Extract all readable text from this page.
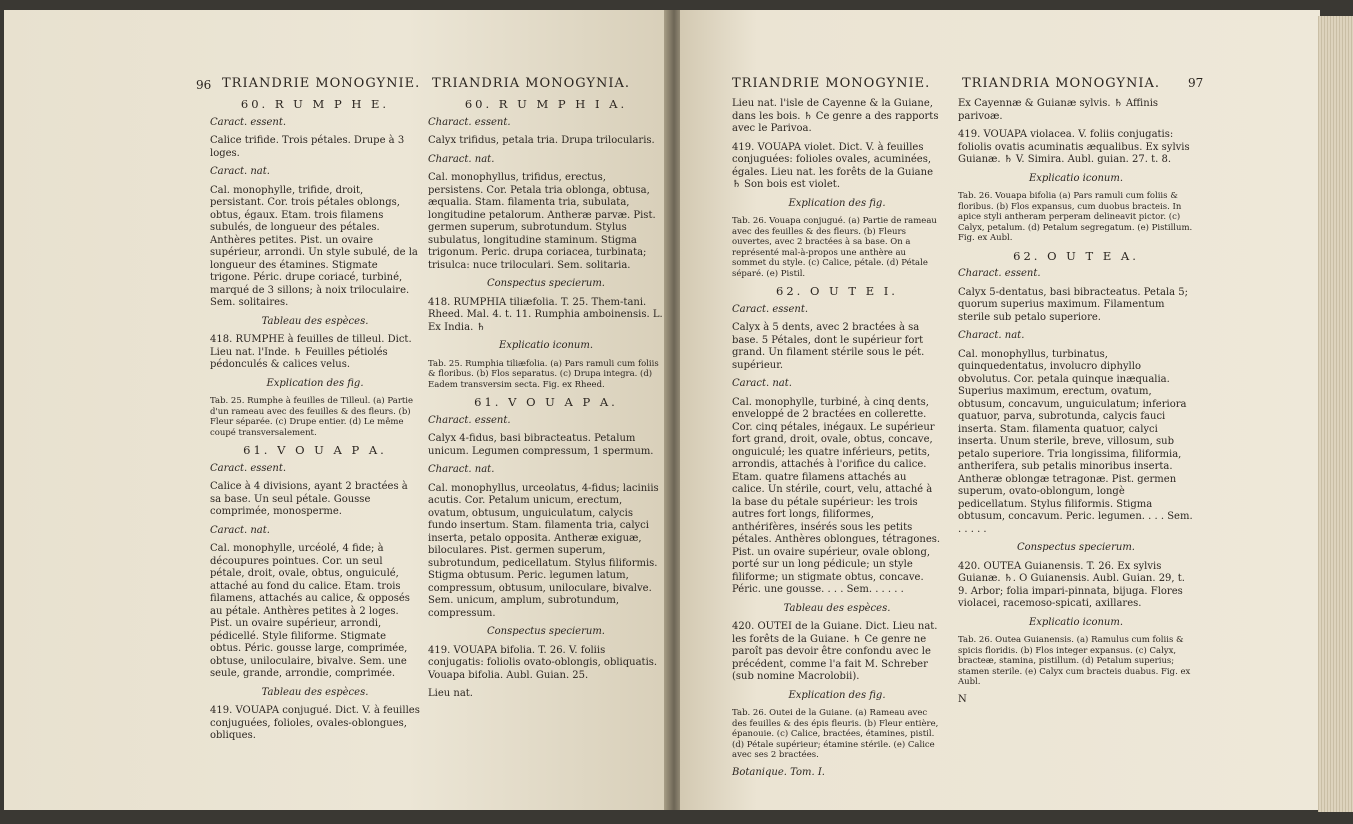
96 TRIANDRIE MONOGYNIE. TRIANDRIA MONOGYNIA.	TRIANDRIE MONOGYNIE. TRIANDRIA MONOGYNIA. 97

60. R U M P H E.

Caract. essent.

Calice trifide. Trois pétales. Drupe à 3 loges.

Caract. nat.

Cal. monophylle, trifide, droit, persistant. Cor. trois pétales oblongs, obtus, égaux. Etam. trois filamens subulés, de longueur des pétales. Anthères petites. Pist. un ovaire supérieur, arrondi. Un style subulé, de la longueur des étamines. Stigmate trigone. Péric. drupe coriacé, turbiné, marqué de 3 sillons; à noix triloculaire. Sem. solitaires.

Tableau des espèces.

418. RUMPHE à feuilles de tilleul. Dict. Lieu nat. l'Inde. ♄ Feuilles pétiolés pédonculés & calices velus.

Explication des fig.

Tab. 25. Rumphe à feuilles de Tilleul. (a) Partie d'un rameau avec des feuilles & des fleurs. (b) Fleur séparée. (c) Drupe entier. (d) Le même coupé transversalement.

61. V O U A P A.

Caract. essent.

Calice à 4 divisions, ayant 2 bractées à sa base. Un seul pétale. Gousse comprimée, monosperme.

Caract. nat.

Cal. monophylle, urcéolé, 4 fide; à découpures pointues. Cor. un seul pétale, droit, ovale, obtus, onguiculé, attaché au fond du calice. Etam. trois filamens, attachés au calice, & opposés au pétale. Anthères petites à 2 loges. Pist. un ovaire supérieur, arrondi, pédicellé. Style filiforme. Stigmate obtus. Péric. gousse large, comprimée, obtuse, uniloculaire, bivalve. Sem. une seule, grande, arrondie, comprimée.

Tableau des espèces.

419. VOUAPA conjugué. Dict. V. à feuilles conjuguées, folioles, ovales-oblongues, obliques.

60. R U M P H I A.

Charact. essent.

Calyx trifidus, petala tria. Drupa trilocularis.

Charact. nat.

Cal. monophyllus, trifidus, erectus, persistens. Cor. Petala tria oblonga, obtusa, æqualia. Stam. filamenta tria, subulata, longitudine petalorum. Antheræ parvæ. Pist. germen superum, subrotundum. Stylus subulatus, longitudine staminum. Stigma trigonum. Peric. drupa coriacea, turbinata; trisulca: nuce triloculari. Sem. solitaria.

Conspectus specierum.

418. RUMPHIA tiliæfolia. T. 25. Them-tani. Rheed. Mal. 4. t. 11. Rumphia amboinensis. L. Ex India. ♄

Explicatio iconum.

Tab. 25. Rumphia tiliæfolia. (a) Pars ramuli cum foliis & floribus. (b) Flos separatus. (c) Drupa integra. (d) Eadem transversim secta. Fig. ex Rheed.

61. V O U A P A.

Charact. essent.

Calyx 4-fidus, basi bibracteatus. Petalum unicum. Legumen compressum, 1 spermum.

Charact. nat.

Cal. monophyllus, urceolatus, 4-fidus; laciniis acutis. Cor. Petalum unicum, erectum, ovatum, obtusum, unguiculatum, calycis fundo insertum. Stam. filamenta tria, calyci inserta, petalo opposita. Antheræ exiguæ, biloculares. Pist. germen superum, subrotundum, pedicellatum. Stylus filiformis. Stigma obtusum. Peric. legumen latum, compressum, obtusum, uniloculare, bivalve. Sem. unicum, amplum, subrotundum, compressum.

Conspectus specierum.

419. VOUAPA bifolia. T. 26. V. foliis conjugatis: foliolis ovato-oblongis, obliquatis. Vouapa bifolia. Aubl. Guian. 25.

Lieu nat.

Lieu nat. l'isle de Cayenne & la Guiane, dans les bois. ♄ Ce genre a des rapports avec le Parivoa.

419. VOUAPA violet. Dict. V. à feuilles conjuguées: folioles ovales, acuminées, égales. Lieu nat. les forêts de la Guiane ♄ Son bois est violet.

Explication des fig.

Tab. 26. Vouapa conjugué. (a) Partie de rameau avec des feuilles & des fleurs. (b) Fleurs ouvertes, avec 2 bractées à sa base. On a représenté mal-à-propos une anthère au sommet du style. (c) Calice, pétale. (d) Pétale séparé. (e) Pistil.

62. O U T E I.

Caract. essent.

Calyx à 5 dents, avec 2 bractées à sa base. 5 Pétales, dont le supérieur fort grand. Un filament stérile sous le pét. supérieur.

Caract. nat.

Cal. monophylle, turbiné, à cinq dents, enveloppé de 2 bractées en collerette. Cor. cinq pétales, inégaux. Le supérieur fort grand, droit, ovale, obtus, concave, onguiculé; les quatre inférieurs, petits, arrondis, attachés à l'orifice du calice. Etam. quatre filamens attachés au calice. Un stérile, court, velu, attaché à la base du pétale supérieur: les trois autres fort longs, filiformes, anthérifères, insérés sous les petits pétales. Anthères oblongues, tétragones. Pist. un ovaire supérieur, ovale oblong, porté sur un long pédicule; un style filiforme; un stigmate obtus, concave. Péric. une gousse. . . . Sem. . . . . .

Tableau des espèces.

420. OUTEI de la Guiane. Dict. Lieu nat. les forêts de la Guiane. ♄ Ce genre ne paroît pas devoir être confondu avec le précédent, comme l'a fait M. Schreber (sub nomine Macrolobii).

Explication des fig.

Tab. 26. Outei de la Guiane. (a) Rameau avec des feuilles & des épis fleuris. (b) Fleur entière, épanouie. (c) Calice, bractées, étamines, pistil. (d) Pétale supérieur; étamine stérile. (e) Calice avec ses 2 bractées.

Botanique. Tom. I.

Ex Cayennæ & Guianæ sylvis. ♄ Affinis parivoæ.

419. VOUAPA violacea. V. foliis conjugatis: foliolis ovatis acuminatis æqualibus. Ex sylvis Guianæ. ♄ V. Simira. Aubl. guian. 27. t. 8.

Explicatio iconum.

Tab. 26. Vouapa bifolia (a) Pars ramuli cum foliis & floribus. (b) Flos expansus, cum duobus bracteis. In apice styli antheram perperam delineavit pictor. (c) Calyx, petalum. (d) Petalum segregatum. (e) Pistillum. Fig. ex Aubl.

62. O U T E A.

Charact. essent.

Calyx 5-dentatus, basi bibracteatus. Petala 5; quorum superius maximum. Filamentum sterile sub petalo superiore.

Charact. nat.

Cal. monophyllus, turbinatus, quinquedentatus, involucro diphyllo obvolutus. Cor. petala quinque inæqualia. Superius maximum, erectum, ovatum, obtusum, concavum, unguiculatum; inferiora quatuor, parva, subrotunda, calycis fauci inserta. Stam. filamenta quatuor, calyci inserta. Unum sterile, breve, villosum, sub petalo superiore. Tria longissima, filiformia, antherifera, sub petalis minoribus inserta. Antheræ oblongæ tetragonæ. Pist. germen superum, ovato-oblongum, longè pedicellatum. Stylus filiformis. Stigma obtusum, concavum. Peric. legumen. . . . Sem. . . . . .

Conspectus specierum.

420. OUTEA Guianensis. T. 26. Ex sylvis Guianæ. ♄. O Guianensis. Aubl. Guian. 29, t. 9. Arbor; folia impari-pinnata, bijuga. Flores violacei, racemoso-spicati, axillares.

Explicatio iconum.

Tab. 26. Outea Guianensis. (a) Ramulus cum foliis & spicis floridis. (b) Flos integer expansus. (c) Calyx, bracteæ, stamina, pistillum. (d) Petalum superius; stamen sterile. (e) Calyx cum bracteis duabus. Fig. ex Aubl.

N
